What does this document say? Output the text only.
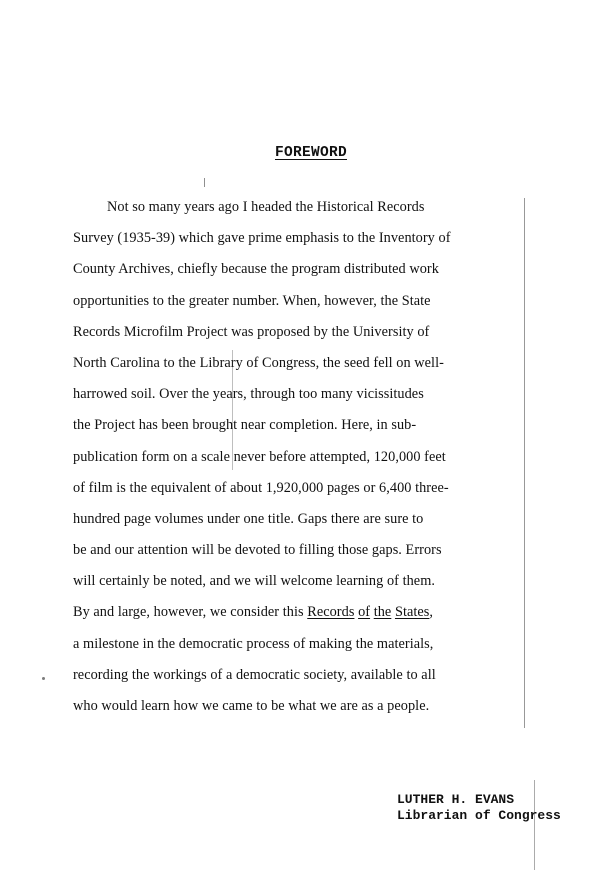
FOREWORD
Not so many years ago I headed the Historical Records
Survey (1935-39) which gave prime emphasis to the Inventory of
County Archives, chiefly because the program distributed work
opportunities to the greater number. When, however, the State
Records Microfilm Project was proposed by the University of
North Carolina to the Library of Congress, the seed fell on well-
harrowed soil. Over the years, through too many vicissitudes
the Project has been brought near completion. Here, in sub-
publication form on a scale never before attempted, 120,000 feet
of film is the equivalent of about 1,920,000 pages or 6,400 three-
hundred page volumes under one title. Gaps there are sure to
be and our attention will be devoted to filling those gaps. Errors
will certainly be noted, and we will welcome learning of them.
By and large, however, we consider this Records of the States,
a milestone in the democratic process of making the materials,
recording the workings of a democratic society, available to all
who would learn how we came to be what we are as a people.
LUTHER H. EVANS
Librarian of Congress
